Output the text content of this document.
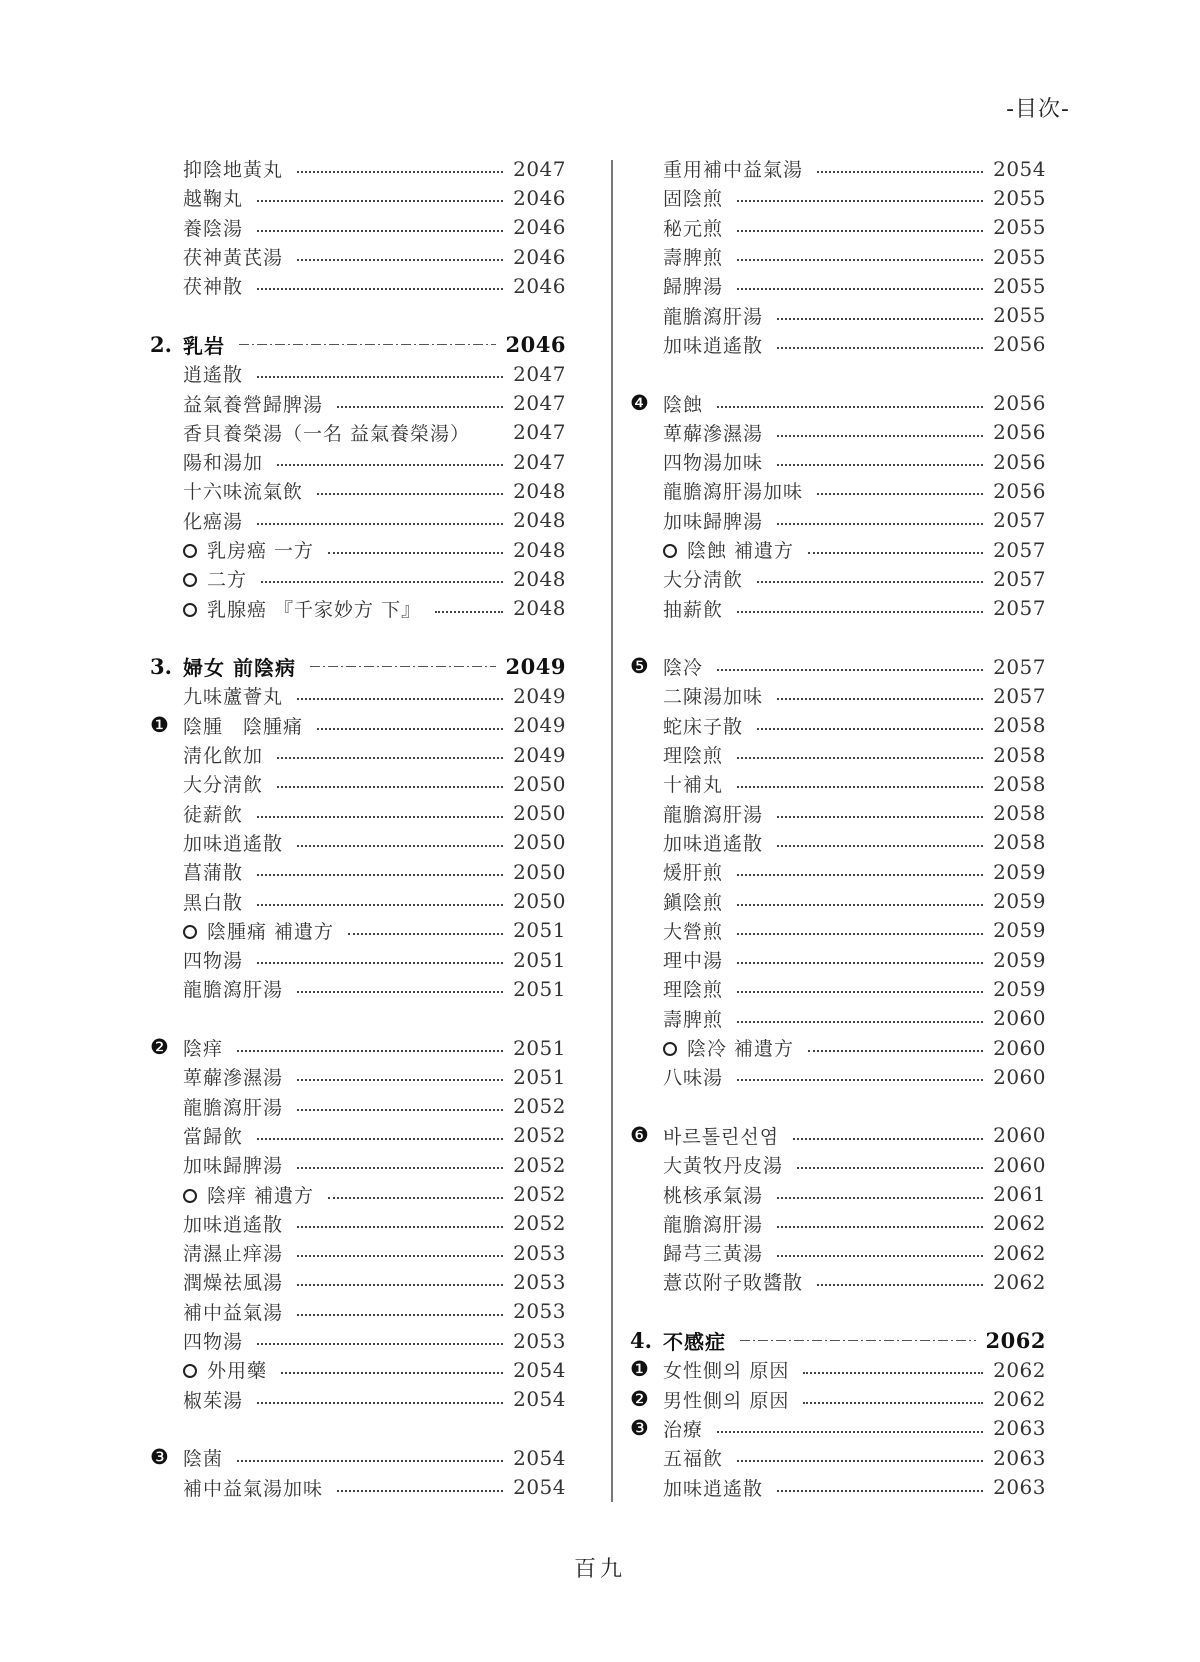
-目次-
抑陰地黃丸	2047
越鞠丸	2046
養陰湯	2046
茯神黃芪湯	2046
茯神散	2046
2. 乳岩	2046
逍遙散	2047
益氣養營歸脾湯	2047
香貝養榮湯（一名 益氣養榮湯） 2047
陽和湯加	2047
十六味流氣飲	2048
化癌湯	2048
乳房癌 一方	2048
二方	2048
乳腺癌 『千家妙方 下』	2048
3. 婦女 前陰病	2049
九味蘆薈丸	2049
❶ 陰腫　陰腫痛	2049
淸化飮加	2049
大分淸飮	2050
徒薪飮	2050
加味逍遙散	2050
菖蒲散	2050
黑白散	2050
陰腫痛 補遺方	2051
四物湯	2051
龍膽瀉肝湯	2051
❷ 陰痒	2051
萆薢滲濕湯	2051
龍膽瀉肝湯	2052
當歸飮	2052
加味歸脾湯	2052
陰痒 補遺方	2052
加味逍遙散	2052
淸濕止痒湯	2053
潤燥祛風湯	2053
補中益氣湯	2053
四物湯	2053
外用藥	2054
椒茱湯	2054
❸ 陰菌	2054
補中益氣湯加味	2054
重用補中益氣湯	2054
固陰煎	2055
秘元煎	2055
壽脾煎	2055
歸脾湯	2055
龍膽瀉肝湯	2055
加味逍遙散	2056
❹ 陰蝕	2056
萆薢滲濕湯	2056
四物湯加味	2056
龍膽瀉肝湯加味	2056
加味歸脾湯	2057
陰蝕 補遺方	2057
大分淸飮	2057
抽薪飮	2057
❺ 陰冷	2057
二陳湯加味	2057
蛇床子散	2058
理陰煎	2058
十補丸	2058
龍膽瀉肝湯	2058
加味逍遙散	2058
煖肝煎	2059
鎭陰煎	2059
大營煎	2059
理中湯	2059
理陰煎	2059
壽脾煎	2060
陰冷 補遺方	2060
八味湯	2060
❻ 바르톨린선염	2060
大黃牧丹皮湯	2060
桃核承氣湯	2061
龍膽瀉肝湯	2062
歸芎三黃湯	2062
薏苡附子敗醬散	2062
4. 不感症	2062
❶ 女性側의 原因	2062
❷ 男性側의 原因	2062
❸ 治療	2063
五福飮	2063
加味逍遙散	2063
百九
